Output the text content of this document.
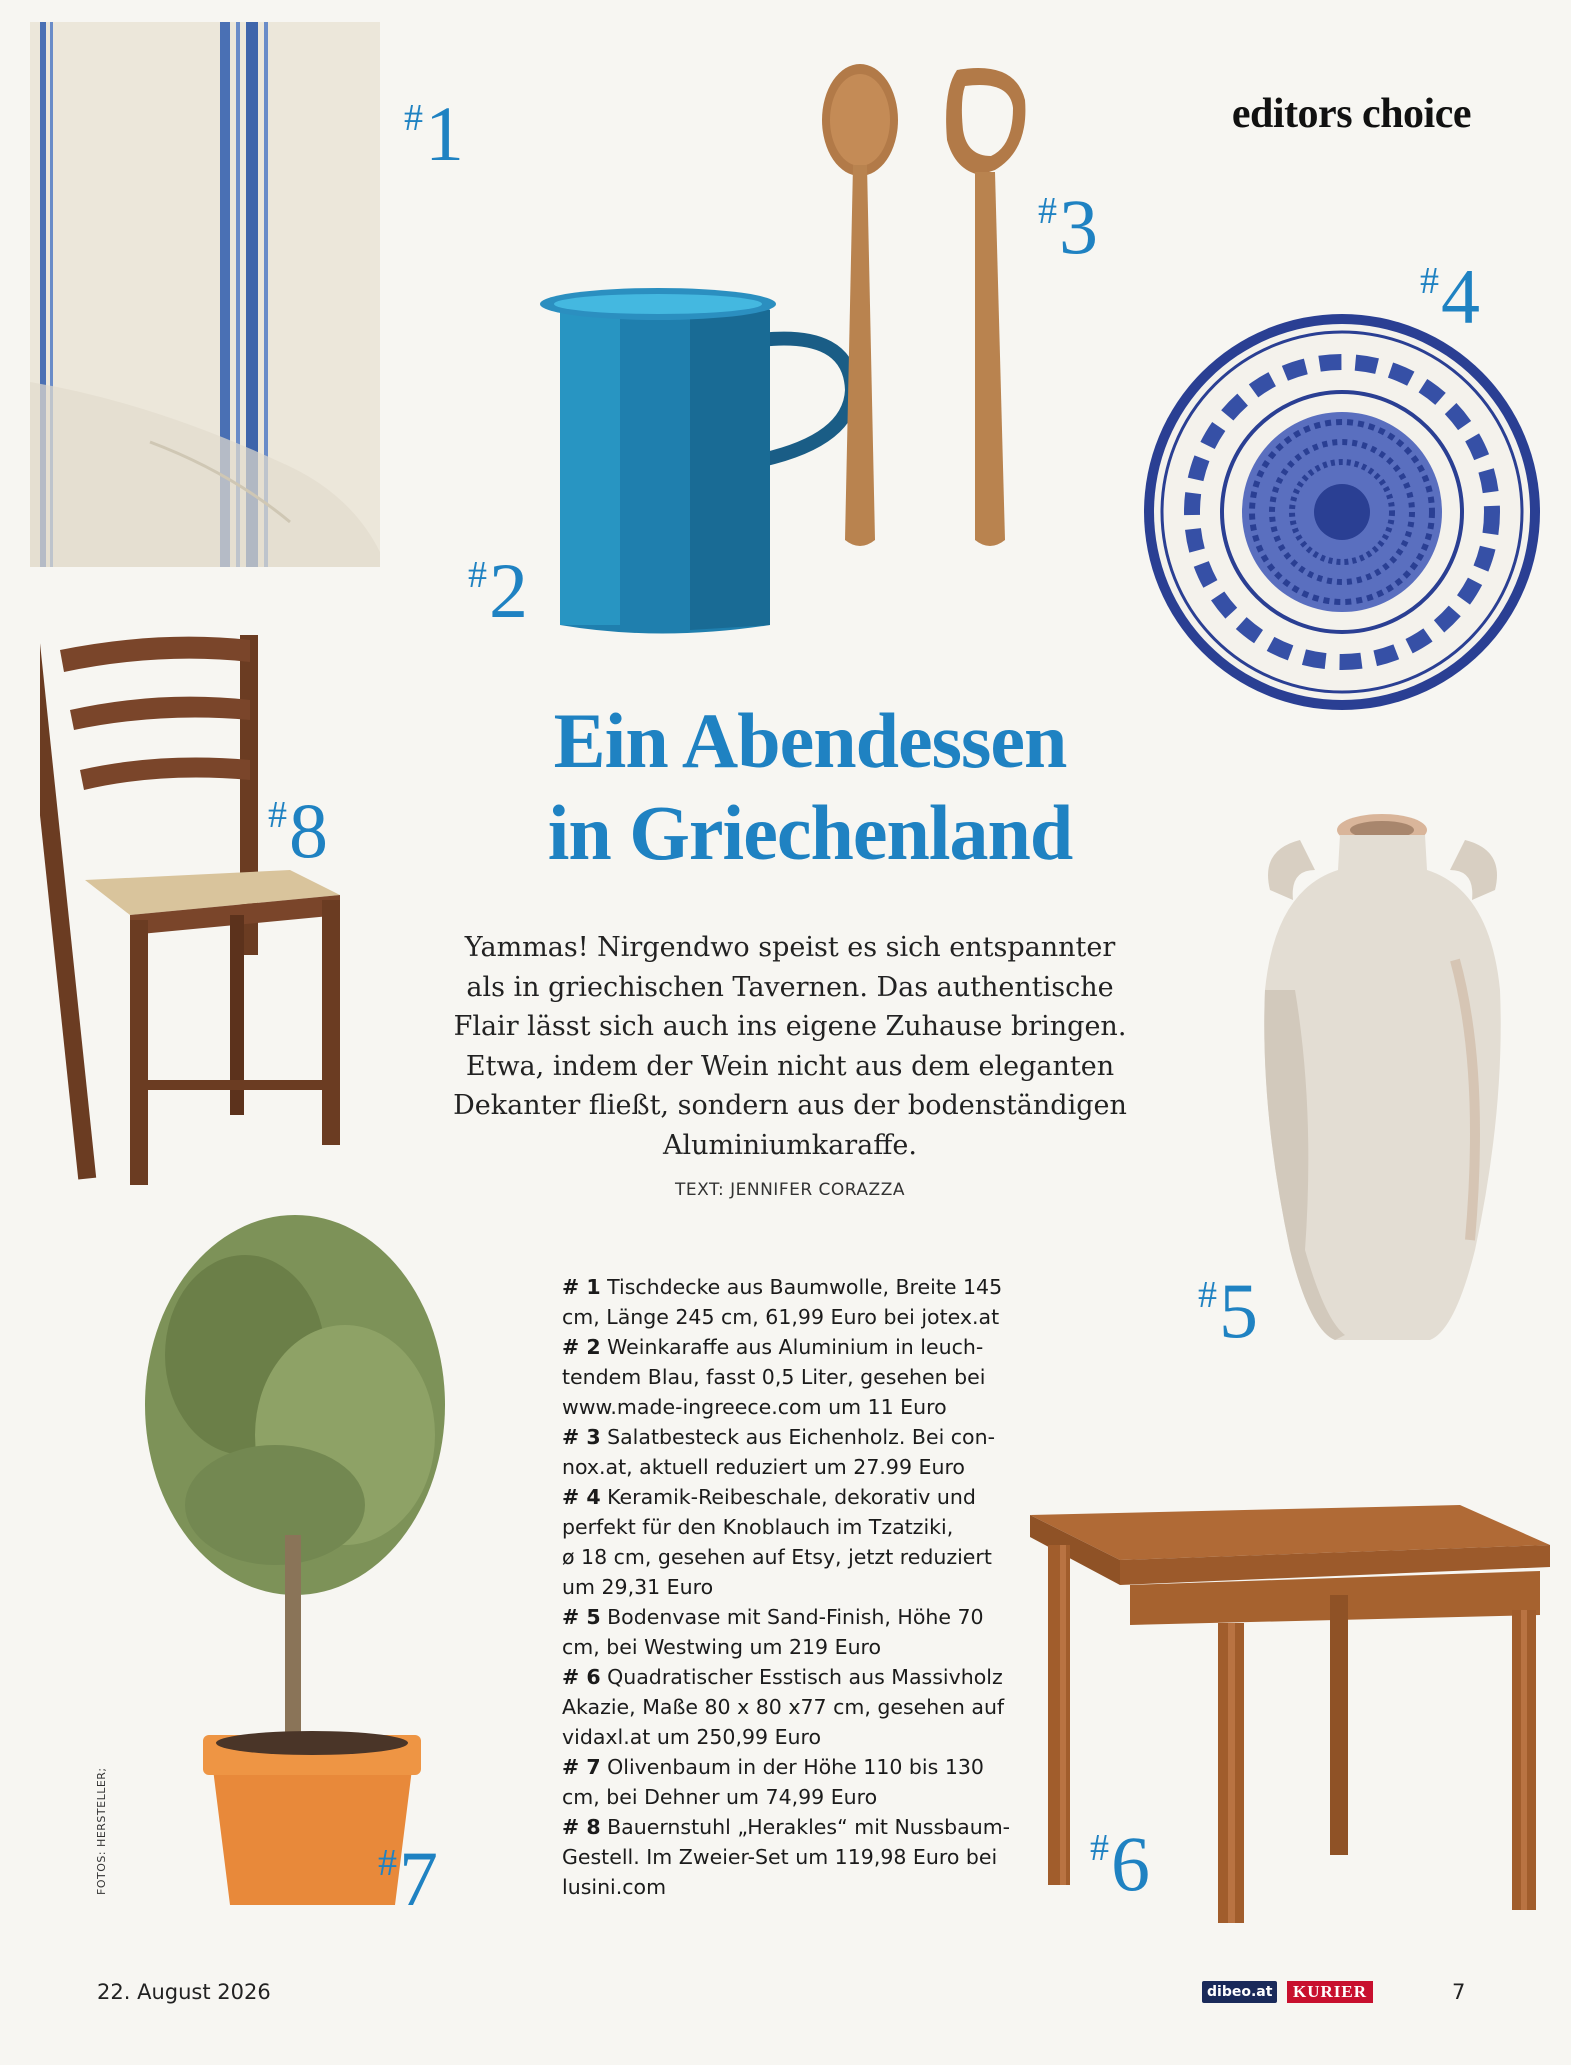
editors choice
#1
#2
#3
#4
Ein Abendessen
in Griechenland
#8
Yammas! Nirgendwo speist es sich entspannter
als in griechischen Tavernen. Das authentische
Flair lässt sich auch ins eigene Zuhause bringen.
Etwa, indem der Wein nicht aus dem eleganten
Dekanter fließt, sondern aus der bodenständigen
Aluminiumkaraffe.
TEXT: JENNIFER CORAZZA
#5
#7

# 1 Tischdecke aus Baumwolle, Breite 145
cm, Länge 245 cm, 61,99 Euro bei jotex.at

# 2 Weinkaraffe aus Aluminium in leuch-
tendem Blau, fasst 0,5 Liter, gesehen bei
www.made-ingreece.com um 11 Euro

# 3 Salatbesteck aus Eichenholz. Bei con-
nox.at, aktuell reduziert um 27.99 Euro

# 4 Keramik-Reibeschale, dekorativ und
perfekt für den Knoblauch im Tzatziki,
ø 18 cm, gesehen auf Etsy, jetzt reduziert
um 29,31 Euro

# 5 Bodenvase mit Sand-Finish, Höhe 70
cm, bei Westwing um 219 Euro

# 6 Quadratischer Esstisch aus Massivholz
Akazie, Maße 80 x 80 x77 cm, gesehen auf
vidaxl.at um 250,99 Euro

# 7 Olivenbaum in der Höhe 110 bis 130
cm, bei Dehner um 74,99 Euro

# 8 Bauernstuhl „Herakles“ mit Nussbaum-
Gestell. Im Zweier-Set um 119,98 Euro bei
lusini.com

#6
FOTOS: HERSTELLER;
22. August 2026	dibeo.at	KURIER	7
